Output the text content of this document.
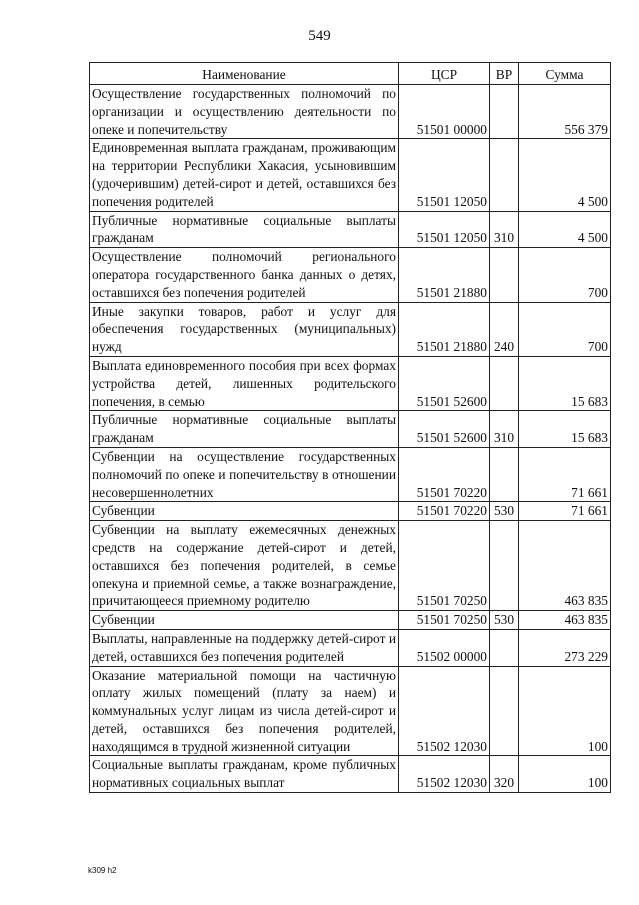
549
Наименование	ЦСР	ВР	Сумма
Осуществление государственных полномочий по организации и осуществлению деятельности по опеке и попечительству	51501 00000		556 379
Единовременная выплата гражданам, проживающим на территории Республики Хакасия, усыновившим (удочерившим) детей-сирот и детей, оставшихся без попечения родителей	51501 12050		4 500
Публичные нормативные социальные выплаты гражданам	51501 12050	310	4 500
Осуществление полномочий регионального оператора государственного банка данных о детях, оставшихся без попечения родителей	51501 21880		700
Иные закупки товаров, работ и услуг для обеспечения государственных (муниципальных) нужд	51501 21880	240	700
Выплата единовременного пособия при всех формах устройства детей, лишенных родительского попечения, в семью	51501 52600		15 683
Публичные нормативные социальные выплаты гражданам	51501 52600	310	15 683
Субвенции на осуществление государственных полномочий по опеке и попечительству в отношении несовершеннолетних	51501 70220		71 661
Субвенции	51501 70220	530	71 661
Субвенции на выплату ежемесячных денежных средств на содержание детей-сирот и детей, оставшихся без попечения родителей, в семье опекуна и приемной семье, а также вознаграждение, причитающееся приемному родителю	51501 70250		463 835
Субвенции	51501 70250	530	463 835
Выплаты, направленные на поддержку детей-сирот и детей, оставшихся без попечения родителей	51502 00000		273 229
Оказание материальной помощи на частичную оплату жилых помещений (плату за наем) и коммунальных услуг лицам из числа детей-сирот и детей, оставшихся без попечения родителей, находящимся в трудной жизненной ситуации	51502 12030		100
Социальные выплаты гражданам, кроме публичных нормативных социальных выплат	51502 12030	320	100
k309 h2
